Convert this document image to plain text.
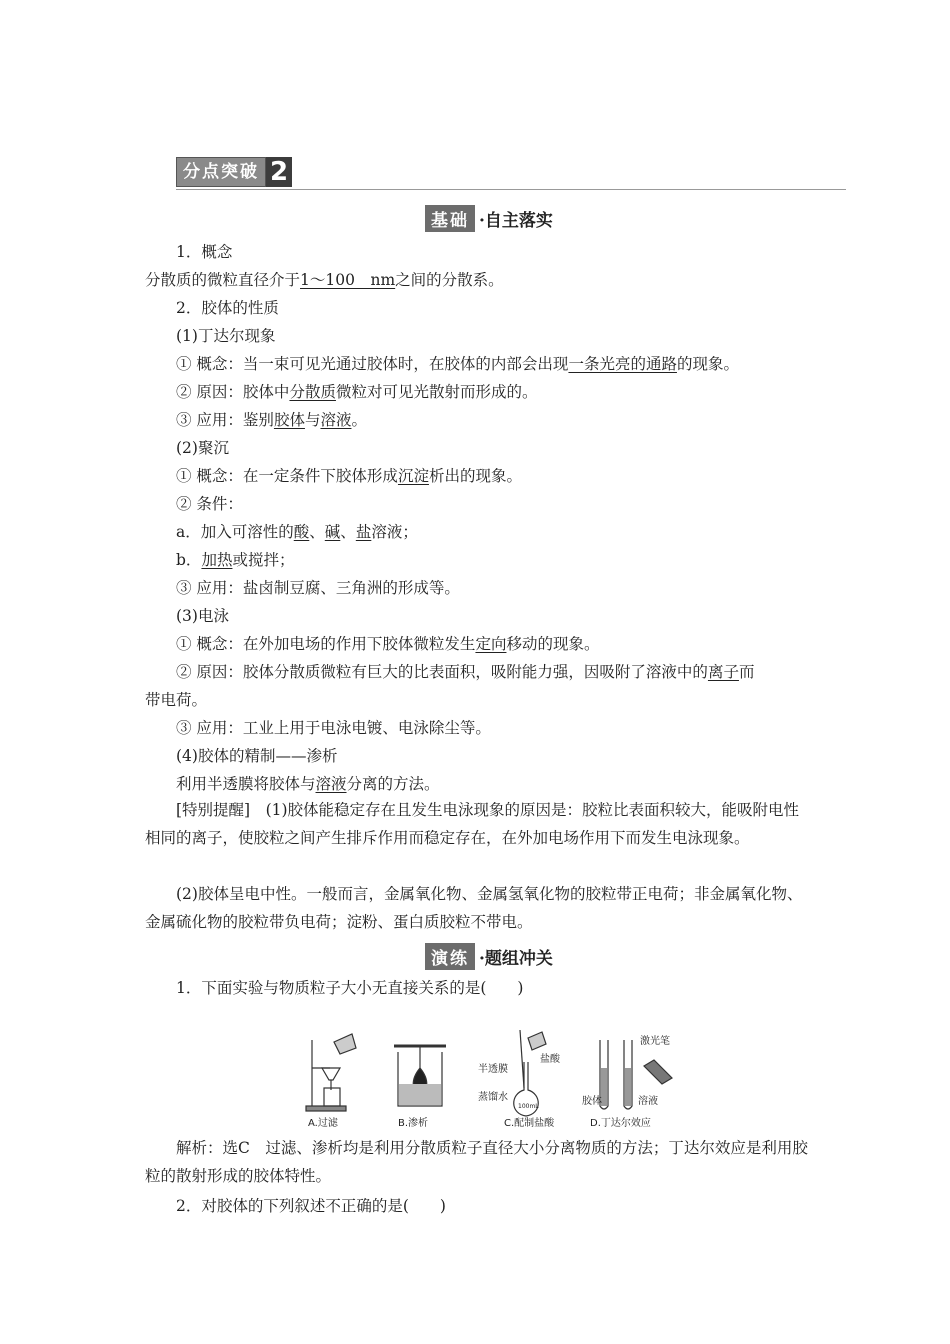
分点突破 2
基础 ·自主落实
1．概念
分散质的微粒直径介于1～100　nm之间的分散系。
2．胶体的性质
(1)丁达尔现象
① 概念：当一束可见光通过胶体时，在胶体的内部会出现一条光亮的通路的现象。
② 原因：胶体中分散质微粒对可见光散射而形成的。
③ 应用：鉴别胶体与溶液。
(2)聚沉
① 概念：在一定条件下胶体形成沉淀析出的现象。
② 条件：
a．加入可溶性的酸、碱、盐溶液；
b．加热或搅拌；
③ 应用：盐卤制豆腐、三角洲的形成等。
(3)电泳
① 概念：在外加电场的作用下胶体微粒发生定向移动的现象。
② 原因：胶体分散质微粒有巨大的比表面积，吸附能力强，因吸附了溶液中的离子而
带电荷。
③ 应用：工业上用于电泳电镀、电泳除尘等。
(4)胶体的精制——渗析
利用半透膜将胶体与溶液分离的方法。
[特别提醒]　(1)胶体能稳定存在且发生电泳现象的原因是：胶粒比表面积较大，能吸附电性相同的离子，使胶粒之间产生排斥作用而稳定存在，在外加电场作用下而发生电泳现象。
(2)胶体呈电中性。一般而言，金属氧化物、金属氢氧化物的胶粒带正电荷；非金属氧化物、金属硫化物的胶粒带负电荷；淀粉、蛋白质胶粒不带电。
演练 ·题组冲关
1．下面实验与物质粒子大小无直接关系的是(　　)
半透膜
蒸馏水
盐酸
100mL
激光笔
胶体	溶液
A.过滤	B.渗析	C.配制盐酸	D.丁达尔效应
解析：选C　过滤、渗析均是利用分散质粒子直径大小分离物质的方法；丁达尔效应是利用胶粒的散射形成的胶体特性。
2．对胶体的下列叙述不正确的是(　　)
